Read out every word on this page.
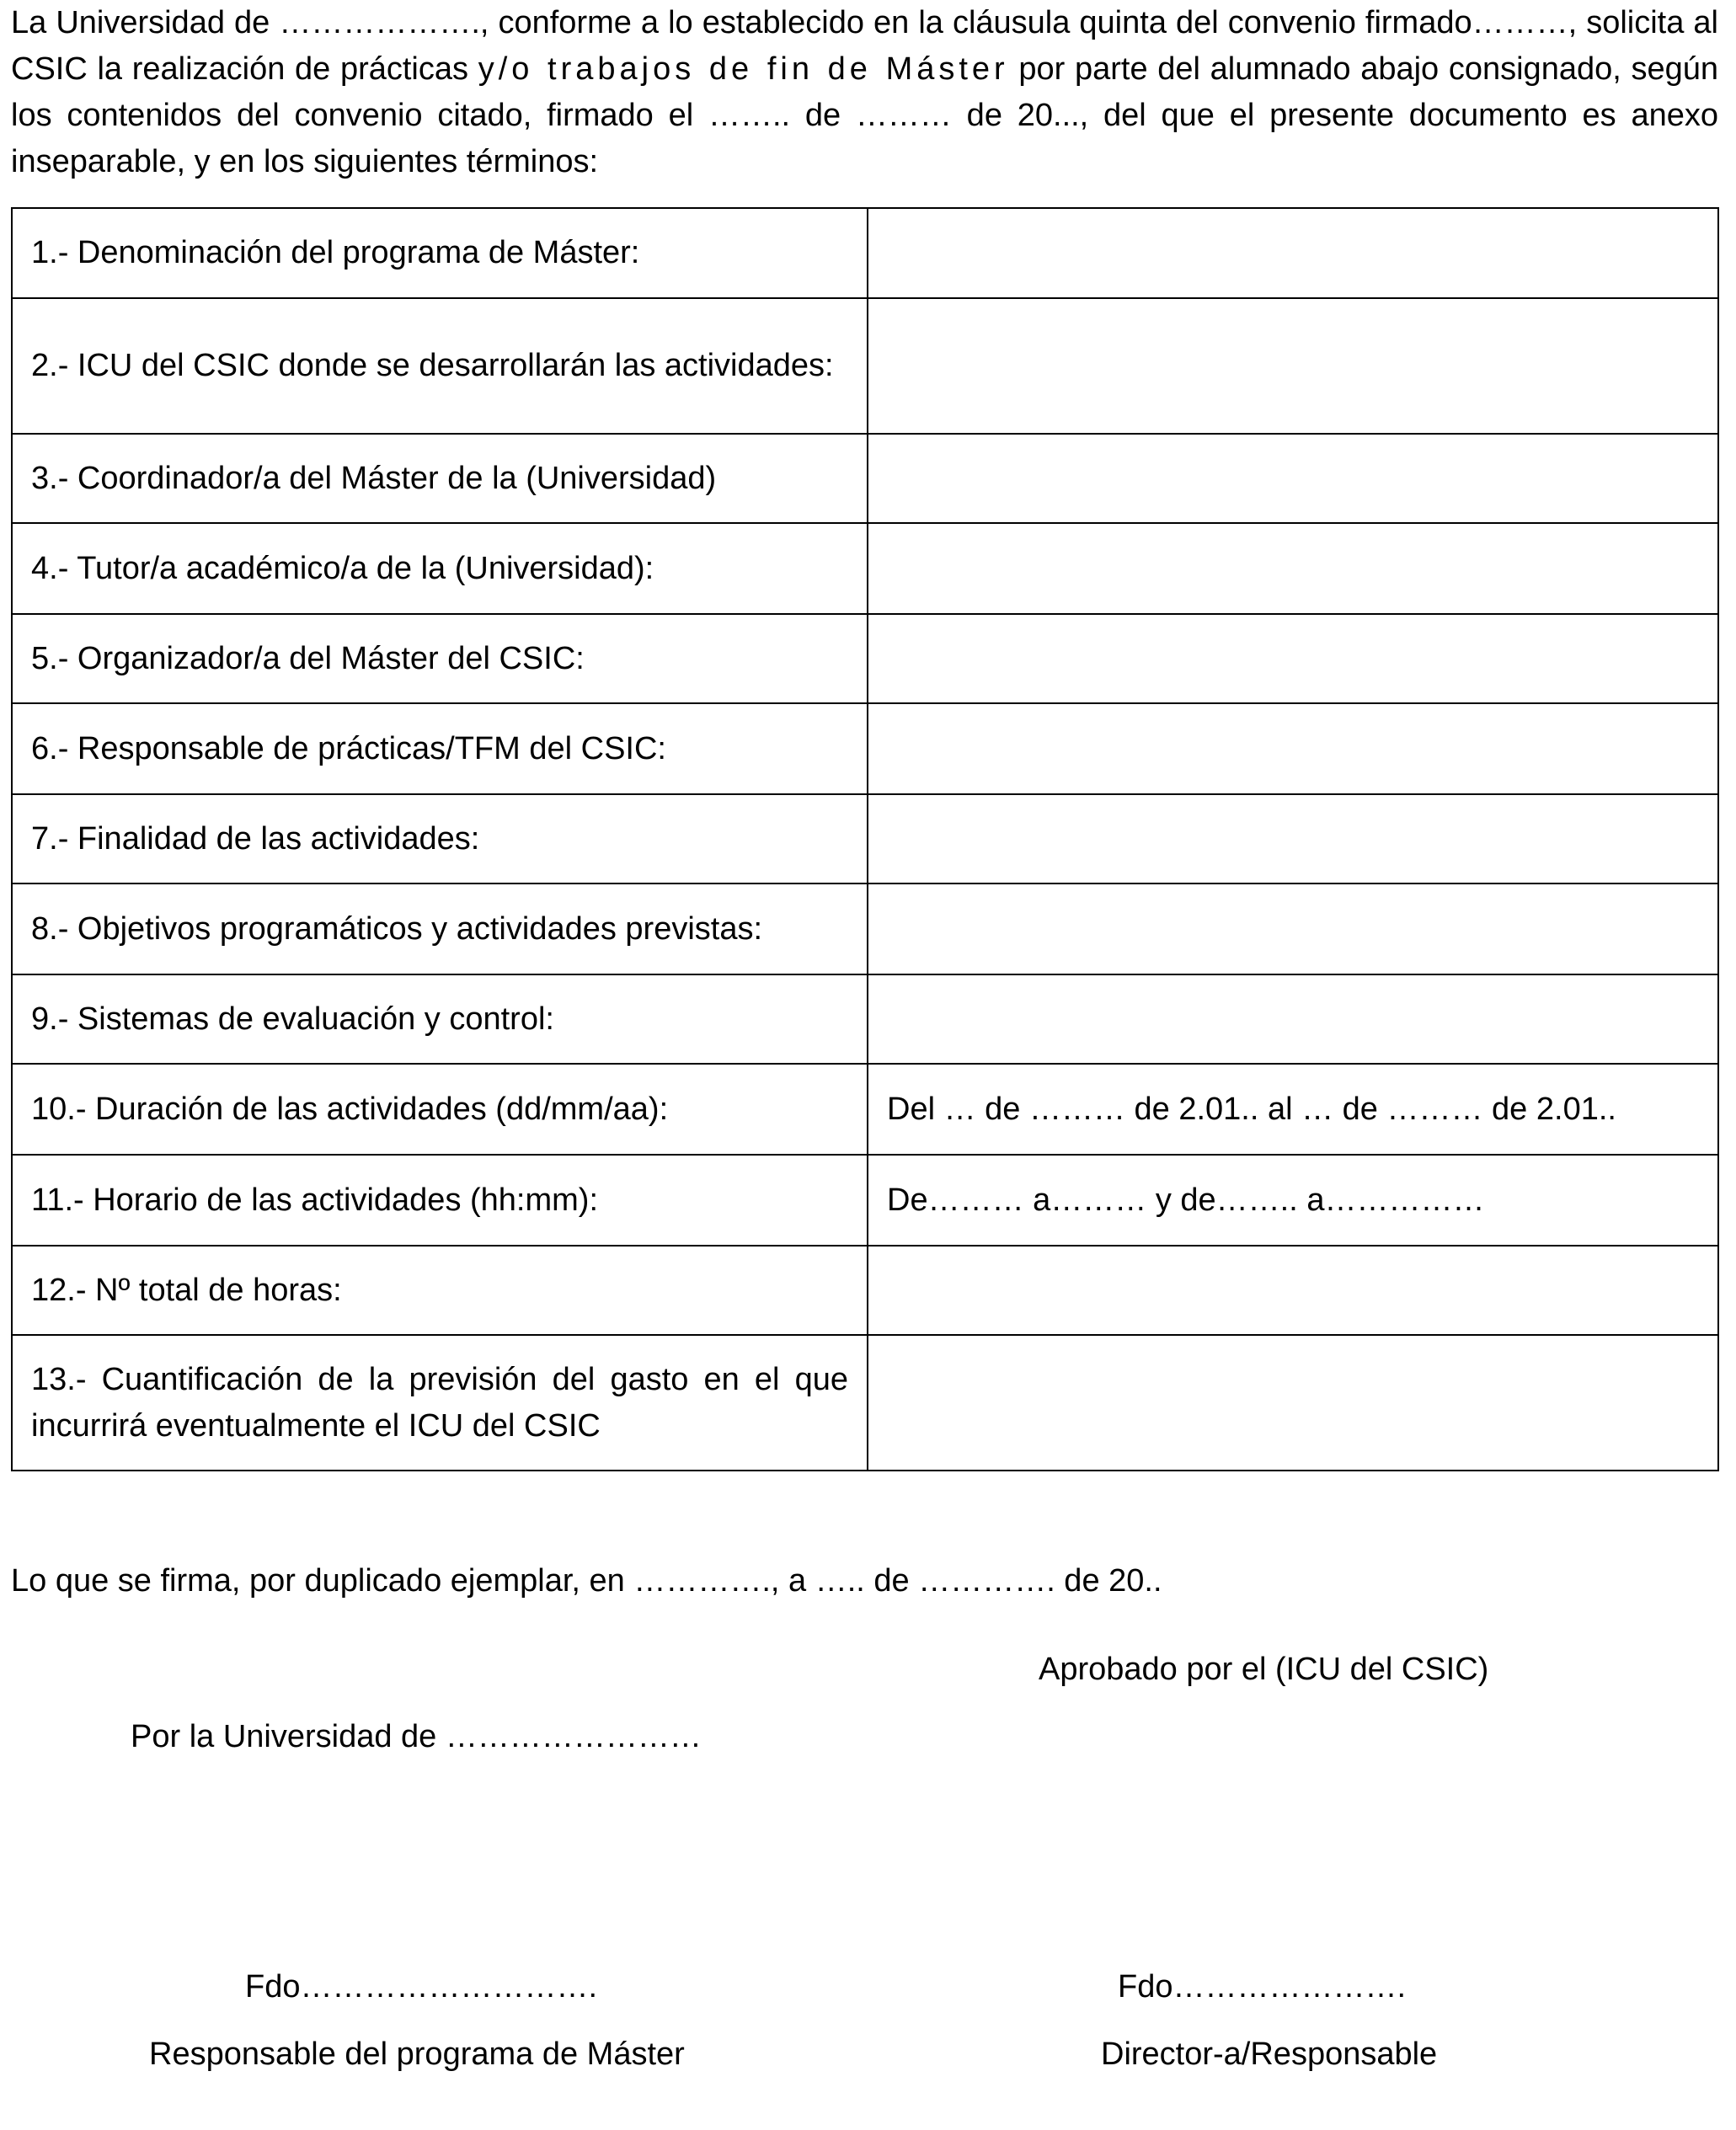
La Universidad de ………………., conforme a lo establecido en la cláusula quinta del convenio firmado………, solicita al CSIC la realización de prácticas y/o trabajos de fin de Máster por parte del alumnado abajo consignado, según los contenidos del convenio citado, firmado el …….. de ……… de 20..., del que el presente documento es anexo inseparable, y en los siguientes términos:

1.- Denominación del programa de Máster:	
2.- ICU del CSIC donde se desarrollarán las actividades:	
3.- Coordinador/a del Máster de la (Universidad)	
4.- Tutor/a académico/a de la (Universidad):	
5.- Organizador/a del Máster del CSIC:	
6.- Responsable de prácticas/TFM del CSIC:	
7.- Finalidad de las actividades:	
8.- Objetivos programáticos y actividades previstas:	
9.- Sistemas de evaluación y control:	
10.- Duración de las actividades (dd/mm/aa):	Del … de ……… de 2.01.. al … de ……… de 2.01..
11.- Horario de las actividades (hh:mm):	De……… a……… y de…….. a……………
12.- Nº total de horas:	
13.- Cuantificación de la previsión del gasto en el que incurrirá eventualmente el ICU del CSIC	
Lo que se firma, por duplicado ejemplar, en …………., a ….. de …………. de 20..
Aprobado por el (ICU del CSIC)
Por la Universidad de ……………………
Fdo……………………….
Responsable del programa de Máster
Fdo………………….
Director-a/Responsable
